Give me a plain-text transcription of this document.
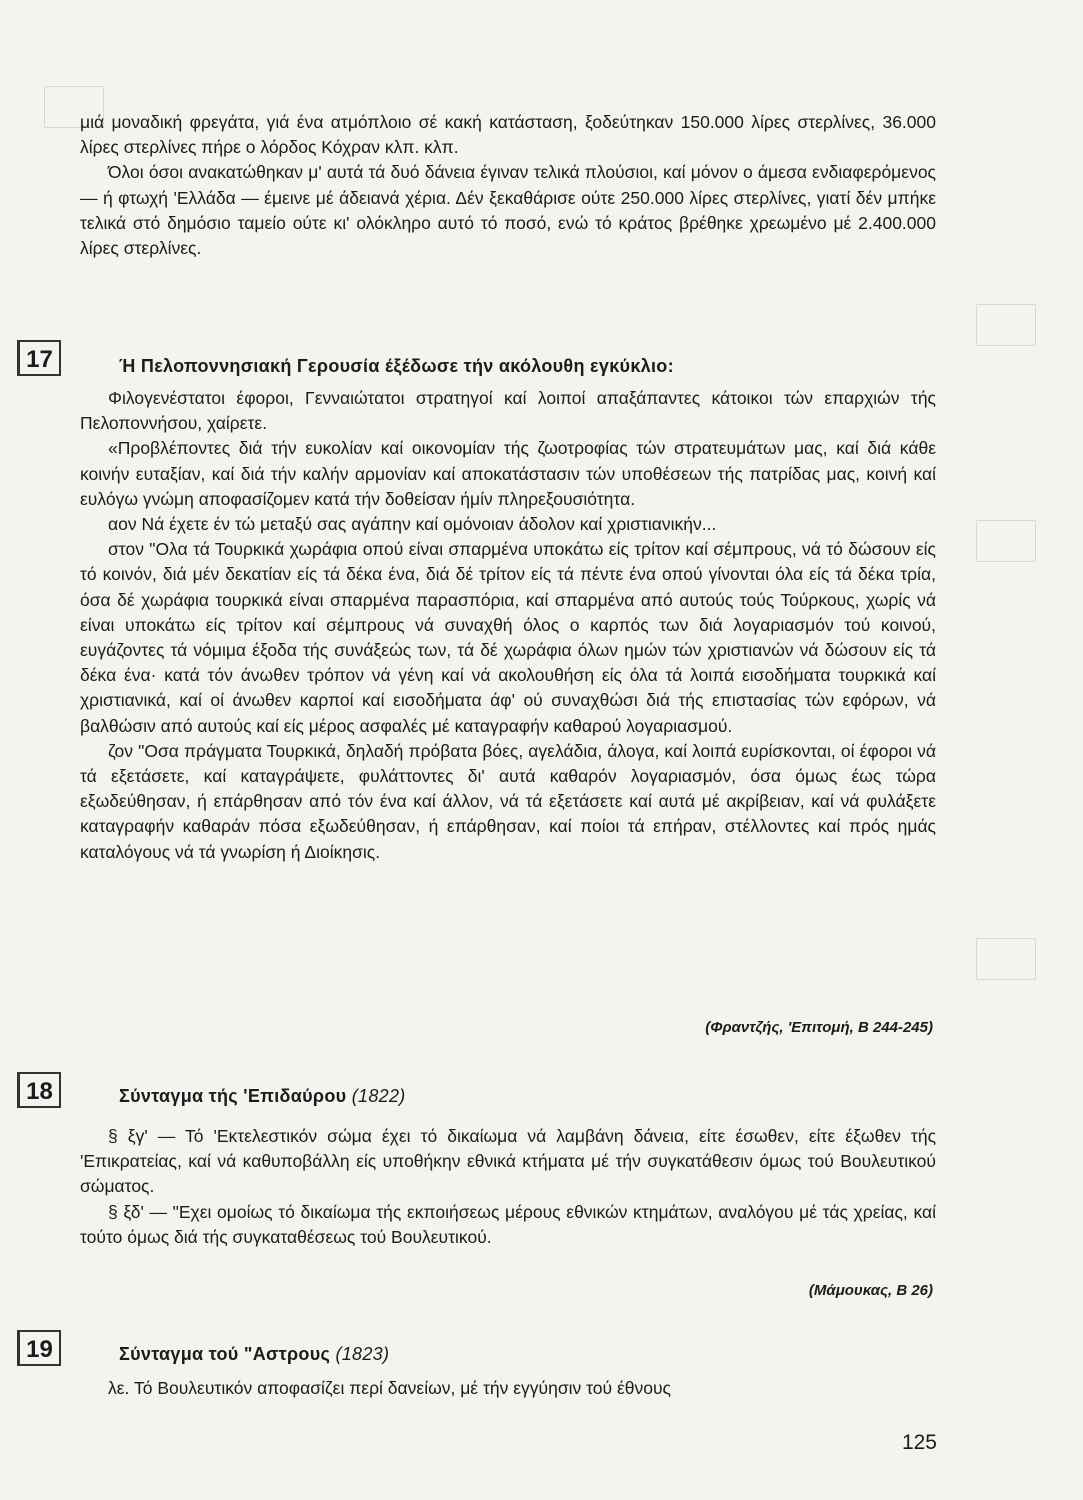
μιά μοναδική φρεγάτα, γιά ένα ατμόπλοιο σέ κακή κατάσταση, ξοδεύτηκαν 150.000 λίρες στερλίνες, 36.000 λίρες στερλίνες πήρε ο λόρδος Κόχραν κλπ. κλπ.

Όλοι όσοι ανακατώθηκαν μ' αυτά τά δυό δάνεια έγιναν τελικά πλούσιοι, καί μόνον ο άμεσα ενδιαφερόμενος — ή φτωχή 'Ελλάδα — έμεινε μέ άδειανά χέρια. Δέν ξεκαθάρισε ούτε 250.000 λίρες στερλίνες, γιατί δέν μπήκε τελικά στό δημόσιο ταμείο ούτε κι' ολόκληρο αυτό τό ποσό, ενώ τό κράτος βρέθηκε χρεωμένο μέ 2.400.000 λίρες στερλίνες.

17	Ή Πελοποννησιακή Γερουσία έξέδωσε τήν ακόλουθη εγκύκλιο:

Φιλογενέστατοι έφοροι, Γενναιώτατοι στρατηγοί καί λοιποί απαξάπαντες κάτοικοι τών επαρχιών τής Πελοποννήσου, χαίρετε.

«Προβλέποντες διά τήν ευκολίαν καί οικονομίαν τής ζωοτροφίας τών στρατευμάτων μας, καί διά κάθε κοινήν ευταξίαν, καί διά τήν καλήν αρμονίαν καί αποκατάστασιν τών υποθέσεων τής πατρίδας μας, κοινή καί ευλόγω γνώμη αποφασίζομεν κατά τήν δοθείσαν ήμίν πληρεξουσιότητα.

αον Νά έχετε έν τώ μεταξύ σας αγάπην καί ομόνοιαν άδολον καί χριστιανικήν...

στον "Ολα τά Τουρκικά χωράφια οπού είναι σπαρμένα υποκάτω είς τρίτον καί σέμπρους, νά τό δώσουν είς τό κοινόν, διά μέν δεκατίαν είς τά δέκα ένα, διά δέ τρίτον είς τά πέντε ένα οπού γίνονται όλα είς τά δέκα τρία, όσα δέ χωράφια τουρκικά είναι σπαρμένα παρασπόρια, καί σπαρμένα από αυτούς τούς Τούρκους, χωρίς νά είναι υποκάτω είς τρίτον καί σέμπρους νά συναχθή όλος ο καρπός των διά λογαριασμόν τού κοινού, ευγάζοντες τά νόμιμα έξοδα τής συνάξεώς των, τά δέ χωράφια όλων ημών τών χριστιανών νά δώσουν είς τά δέκα ένα· κατά τόν άνωθεν τρόπον νά γένη καί νά ακολουθήση είς όλα τά λοιπά εισοδήματα τουρκικά καί χριστιανικά, καί οί άνωθεν καρποί καί εισοδήματα άφ' ού συναχθώσι διά τής επιστασίας τών εφόρων, νά βαλθώσιν από αυτούς καί είς μέρος ασφαλές μέ καταγραφήν καθαρού λογαριασμού.

ζον "Οσα πράγματα Τουρκικά, δηλαδή πρόβατα βόες, αγελάδια, άλογα, καί λοιπά ευρίσκονται, οί έφοροι νά τά εξετάσετε, καί καταγράψετε, φυλάττοντες δι' αυτά καθαρόν λογαριασμόν, όσα όμως έως τώρα εξωδεύθησαν, ή επάρθησαν από τόν ένα καί άλλον, νά τά εξετάσετε καί αυτά μέ ακρίβειαν, καί νά φυλάξετε καταγραφήν καθαράν πόσα εξωδεύθησαν, ή επάρθησαν, καί ποίοι τά επήραν, στέλλοντες καί πρός ημάς καταλόγους νά τά γνωρίση ή Διοίκησις.

(Φραντζής, 'Επιτομή, Β 244-245)
18	Σύνταγμα τής 'Επιδαύρου (1822)

§ ξγ' — Τό 'Εκτελεστικόν σώμα έχει τό δικαίωμα νά λαμβάνη δάνεια, είτε έσωθεν, είτε έξωθεν τής 'Επικρατείας, καί νά καθυποβάλλη είς υποθήκην εθνικά κτήματα μέ τήν συγκατάθεσιν όμως τού Βουλευτικού σώματος.

§ ξδ' — "Εχει ομοίως τό δικαίωμα τής εκποιήσεως μέρους εθνικών κτημάτων, αναλόγου μέ τάς χρείας, καί τούτο όμως διά τής συγκαταθέσεως τού Βουλευτικού.

(Μάμουκας, Β 26)
19	Σύνταγμα τού "Αστρους (1823)

λε. Τό Βουλευτικόν αποφασίζει περί δανείων, μέ τήν εγγύησιν τού έθνους

125
